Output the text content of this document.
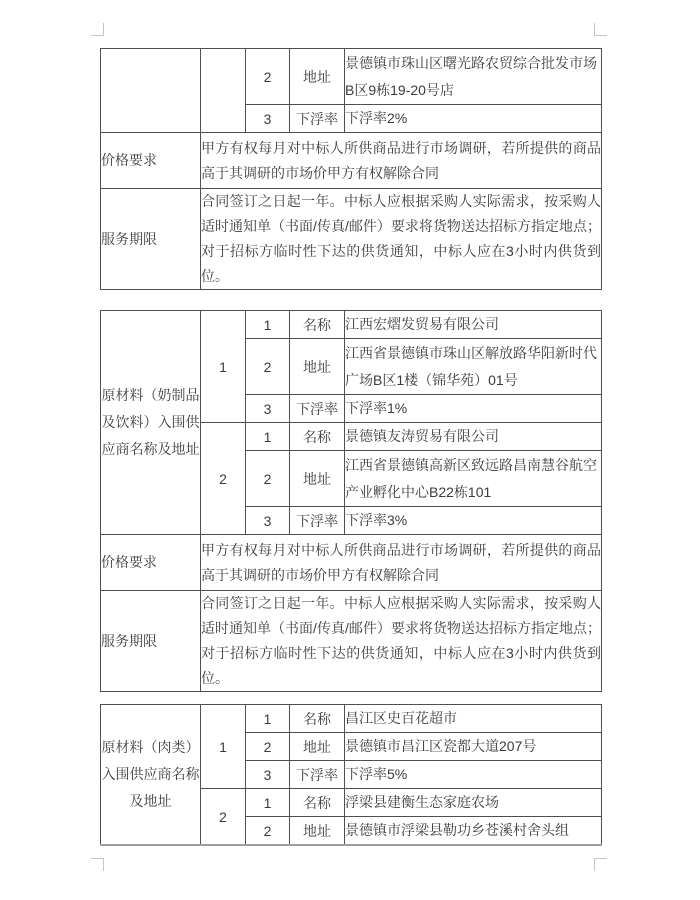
		2	地址	景德镇市珠山区曙光路农贸综合批发市场B区9栋19-20号店
		3	下浮率	下浮率2%
价格要求	甲方有权每月对中标人所供商品进行市场调研，若所提供的商品高于其调研的市场价甲方有权解除合同			
服务期限	合同签订之日起一年。中标人应根据采购人实际需求，按采购人适时通知单（书面/传真/邮件）要求将货物送达招标方指定地点；对于招标方临时性下达的供货通知，中标人应在3小时内供货到位。			
原材料（奶制品及饮料）入围供应商名称及地址	1	1	名称	江西宏熠发贸易有限公司
		2	地址	江西省景德镇市珠山区解放路华阳新时代广场B区1楼（锦华苑）01号
		3	下浮率	下浮率1%
	2	1	名称	景德镇友涛贸易有限公司
		2	地址	江西省景德镇高新区致远路昌南慧谷航空产业孵化中心B22栋101
		3	下浮率	下浮率3%
价格要求	甲方有权每月对中标人所供商品进行市场调研，若所提供的商品高于其调研的市场价甲方有权解除合同			
服务期限	合同签订之日起一年。中标人应根据采购人实际需求，按采购人适时通知单（书面/传真/邮件）要求将货物送达招标方指定地点；对于招标方临时性下达的供货通知，中标人应在3小时内供货到位。			
原材料（肉类）入围供应商名称及地址	1	1	名称	昌江区史百花超市
		2	地址	景德镇市昌江区瓷都大道207号
		3	下浮率	下浮率5%
	2	1	名称	浮梁县建衡生态家庭农场
		2	地址	景德镇市浮梁县勒功乡苍溪村舍头组
